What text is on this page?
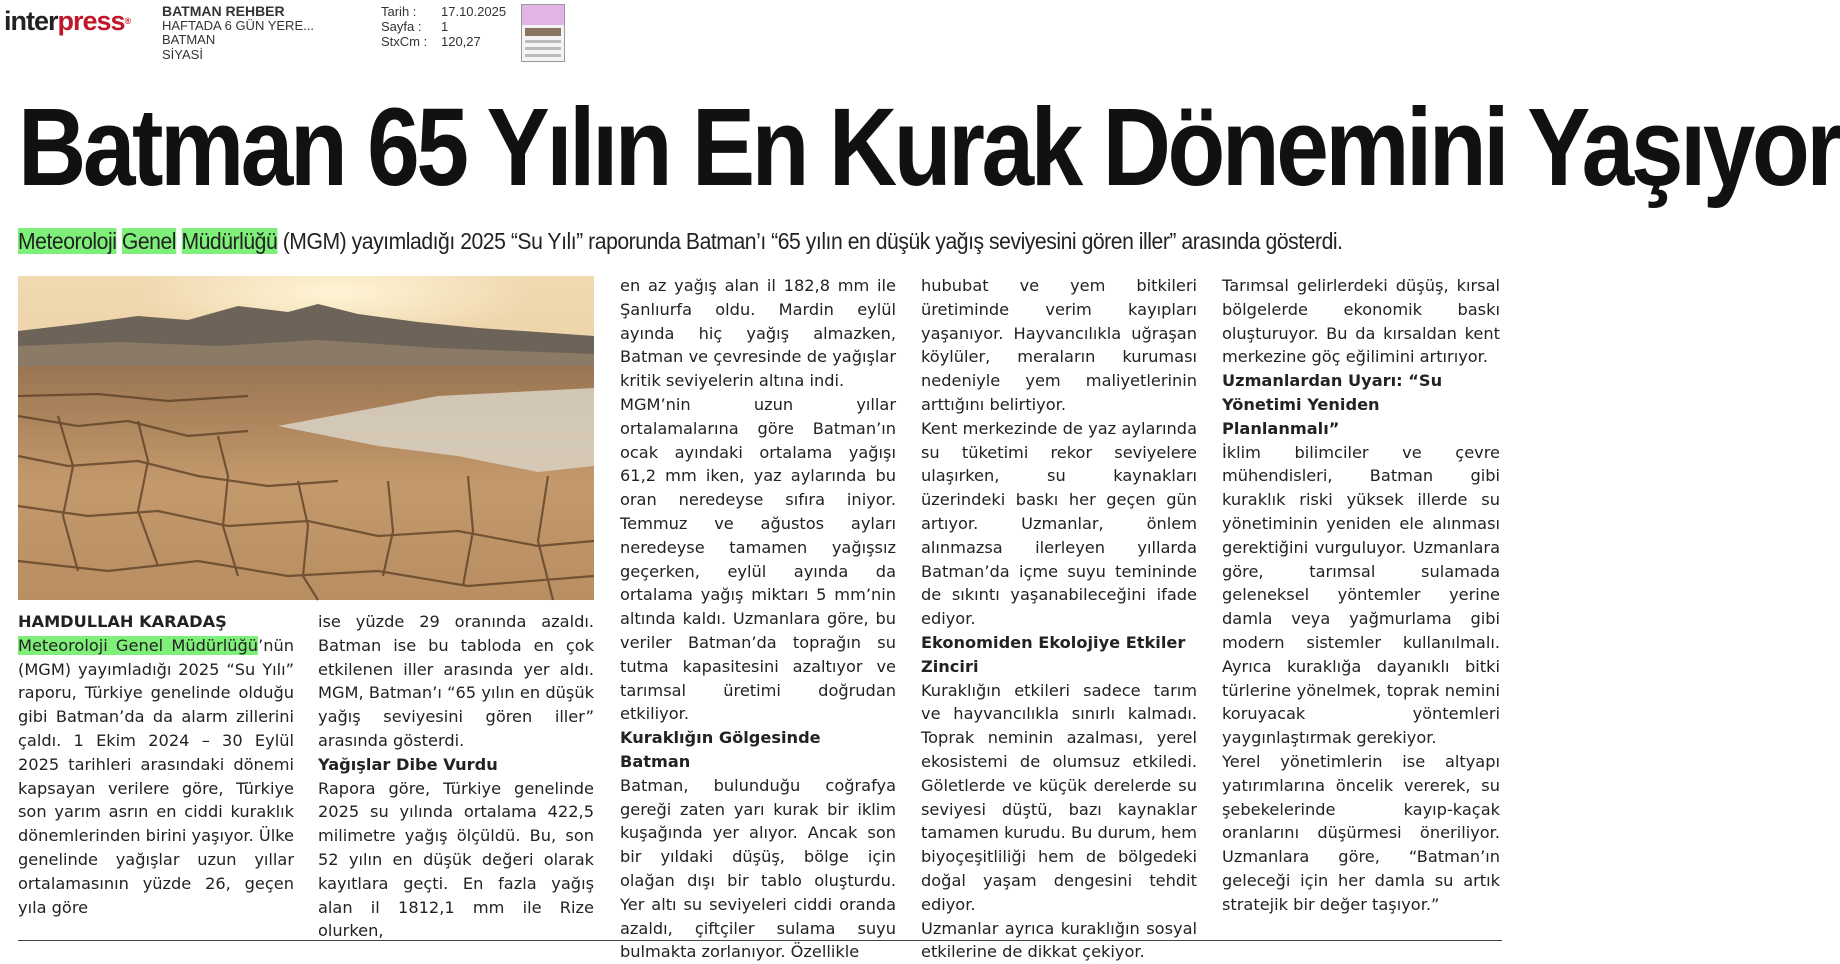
interpress®
BATMAN REHBER
HAFTADA 6 GÜN YERE...
BATMAN
SİYASİ
Tarih :	17.10.2025
Sayfa :	1
StxCm :	120,27
Batman 65 Yılın En Kurak Dönemini Yaşıyor
Meteoroloji Genel Müdürlüğü (MGM) yayımladığı 2025 “Su Yılı” raporunda Batman’ı “65 yılın en düşük yağış seviyesini gören iller” arasında gösterdi.

HAMDULLAH KARADAŞ

Meteoroloji Genel Müdürlüğü’nün (MGM) yayımladığı 2025 “Su Yılı” raporu, Türkiye genelinde olduğu gibi Batman’da da alarm zillerini çaldı. 1 Ekim 2024 – 30 Eylül 2025 tarihleri arasındaki dönemi kapsayan verilere göre, Türkiye son yarım asrın en ciddi kuraklık dönemlerinden birini yaşıyor. Ülke genelinde yağışlar uzun yıllar ortalamasının yüzde 26, geçen yıla göre

ise yüzde 29 oranında azaldı. Batman ise bu tabloda en çok etkilenen iller arasında yer aldı. MGM, Batman’ı “65 yılın en düşük yağış seviyesini gören iller” arasında gösterdi.

Yağışlar Dibe Vurdu

Rapora göre, Türkiye genelinde 2025 su yılında ortalama 422,5 milimetre yağış ölçüldü. Bu, son 52 yılın en düşük değeri olarak kayıtlara geçti. En fazla yağış alan il 1812,1 mm ile Rize olurken,

en az yağış alan il 182,8 mm ile Şanlıurfa oldu. Mardin eylül ayında hiç yağış almazken, Batman ve çevresinde de yağışlar kritik seviyelerin altına indi.

MGM’nin uzun yıllar ortalamalarına göre Batman’ın ocak ayındaki ortalama yağışı 61,2 mm iken, yaz aylarında bu oran neredeyse sıfıra iniyor. Temmuz ve ağustos ayları neredeyse tamamen yağışsız geçerken, eylül ayında da ortalama yağış miktarı 5 mm’nin altında kaldı. Uzmanlara göre, bu veriler Batman’da toprağın su tutma kapasitesini azaltıyor ve tarımsal üretimi doğrudan etkiliyor.

Kuraklığın Gölgesinde Batman

Batman, bulunduğu coğrafya gereği zaten yarı kurak bir iklim kuşağında yer alıyor. Ancak son bir yıldaki düşüş, bölge için olağan dışı bir tablo oluşturdu. Yer altı su seviyeleri ciddi oranda azaldı, çiftçiler sulama suyu bulmakta zorlanıyor. Özellikle

hububat ve yem bitkileri üretiminde verim kayıpları yaşanıyor. Hayvancılıkla uğraşan köylüler, meraların kuruması nedeniyle yem maliyetlerinin arttığını belirtiyor.

Kent merkezinde de yaz aylarında su tüketimi rekor seviyelere ulaşırken, su kaynakları üzerindeki baskı her geçen gün artıyor. Uzmanlar, önlem alınmazsa ilerleyen yıllarda Batman’da içme suyu temininde de sıkıntı yaşanabileceğini ifade ediyor.

Ekonomiden Ekolojiye Etkiler Zinciri

Kuraklığın etkileri sadece tarım ve hayvancılıkla sınırlı kalmadı. Toprak neminin azalması, yerel ekosistemi de olumsuz etkiledi. Göletlerde ve küçük derelerde su seviyesi düştü, bazı kaynaklar tamamen kurudu. Bu durum, hem biyoçeşitliliği hem de bölgedeki doğal yaşam dengesini tehdit ediyor.

Uzmanlar ayrıca kuraklığın sosyal etkilerine de dikkat çekiyor.

Tarımsal gelirlerdeki düşüş, kırsal bölgelerde ekonomik baskı oluşturuyor. Bu da kırsaldan kent merkezine göç eğilimini artırıyor.

Uzmanlardan Uyarı: “Su Yönetimi Yeniden Planlanmalı”

İklim bilimciler ve çevre mühendisleri, Batman gibi kuraklık riski yüksek illerde su yönetiminin yeniden ele alınması gerektiğini vurguluyor. Uzmanlara göre, tarımsal sulamada geleneksel yöntemler yerine damla veya yağmurlama gibi modern sistemler kullanılmalı. Ayrıca kuraklığa dayanıklı bitki türlerine yönelmek, toprak nemini koruyacak yöntemleri yaygınlaştırmak gerekiyor.

Yerel yönetimlerin ise altyapı yatırımlarına öncelik vererek, su şebekelerinde kayıp-kaçak oranlarını düşürmesi öneriliyor. Uzmanlara göre, “Batman’ın geleceği için her damla su artık stratejik bir değer taşıyor.”
